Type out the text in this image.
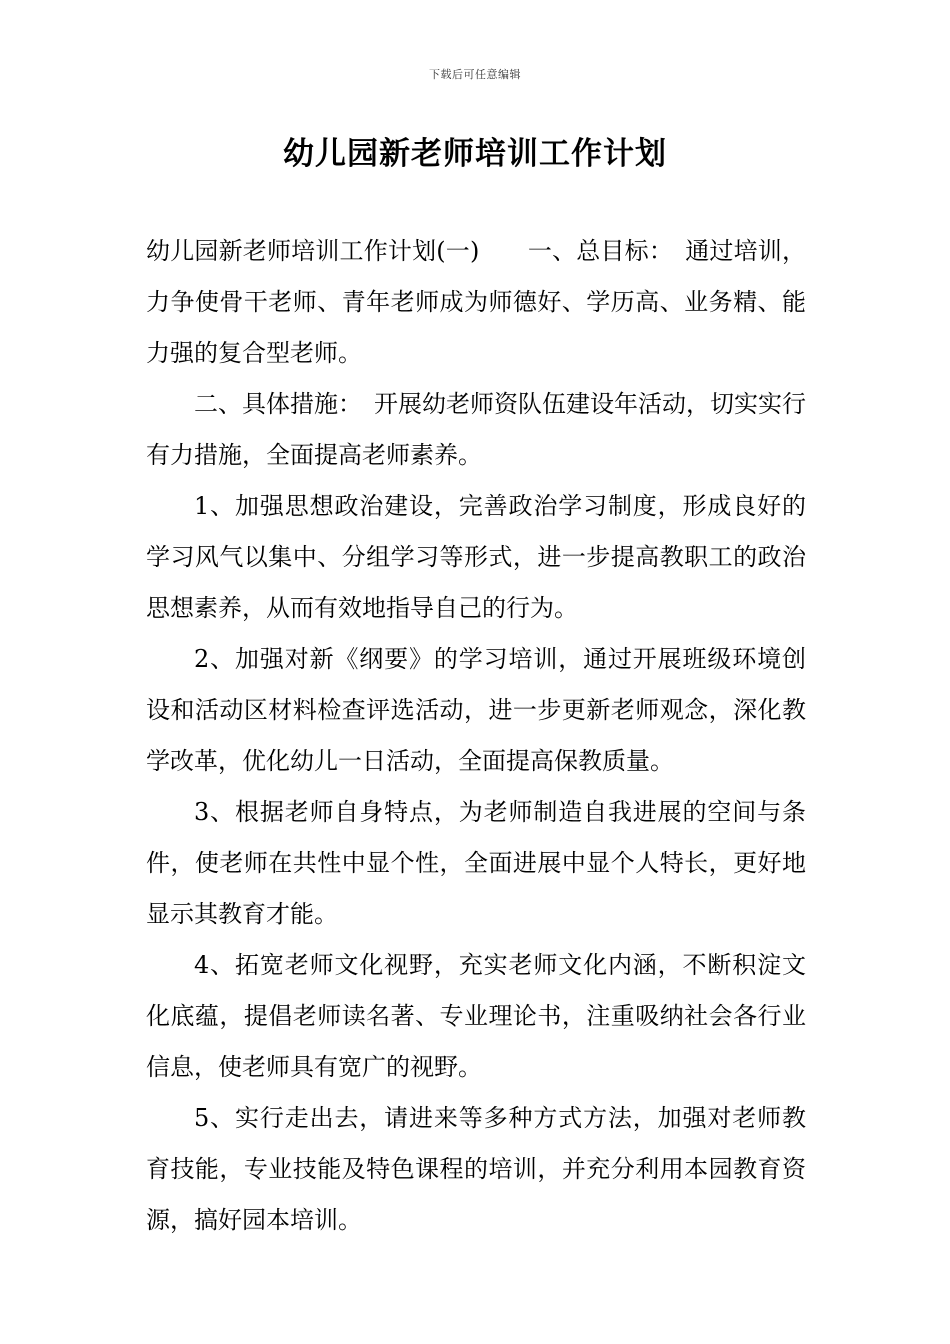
下载后可任意编辑
幼儿园新老师培训工作计划

幼儿园新老师培训工作计划(一)　　一、总目标：　通过培训，力争使骨干老师、青年老师成为师德好、学历高、业务精、能力强的复合型老师。

二、具体措施：　开展幼老师资队伍建设年活动，切实实行有力措施，全面提高老师素养。

1、加强思想政治建设，完善政治学习制度，形成良好的学习风气以集中、分组学习等形式，进一步提高教职工的政治思想素养，从而有效地指导自己的行为。

2、加强对新《纲要》的学习培训，通过开展班级环境创设和活动区材料检查评选活动，进一步更新老师观念，深化教学改革，优化幼儿一日活动，全面提高保教质量。

3、根据老师自身特点，为老师制造自我进展的空间与条件，使老师在共性中显个性，全面进展中显个人特长，更好地显示其教育才能。

4、拓宽老师文化视野，充实老师文化内涵，不断积淀文化底蕴，提倡老师读名著、专业理论书，注重吸纳社会各行业信息，使老师具有宽广的视野。

5、实行走出去，请进来等多种方式方法，加强对老师教育技能，专业技能及特色课程的培训，并充分利用本园教育资源，搞好园本培训。
